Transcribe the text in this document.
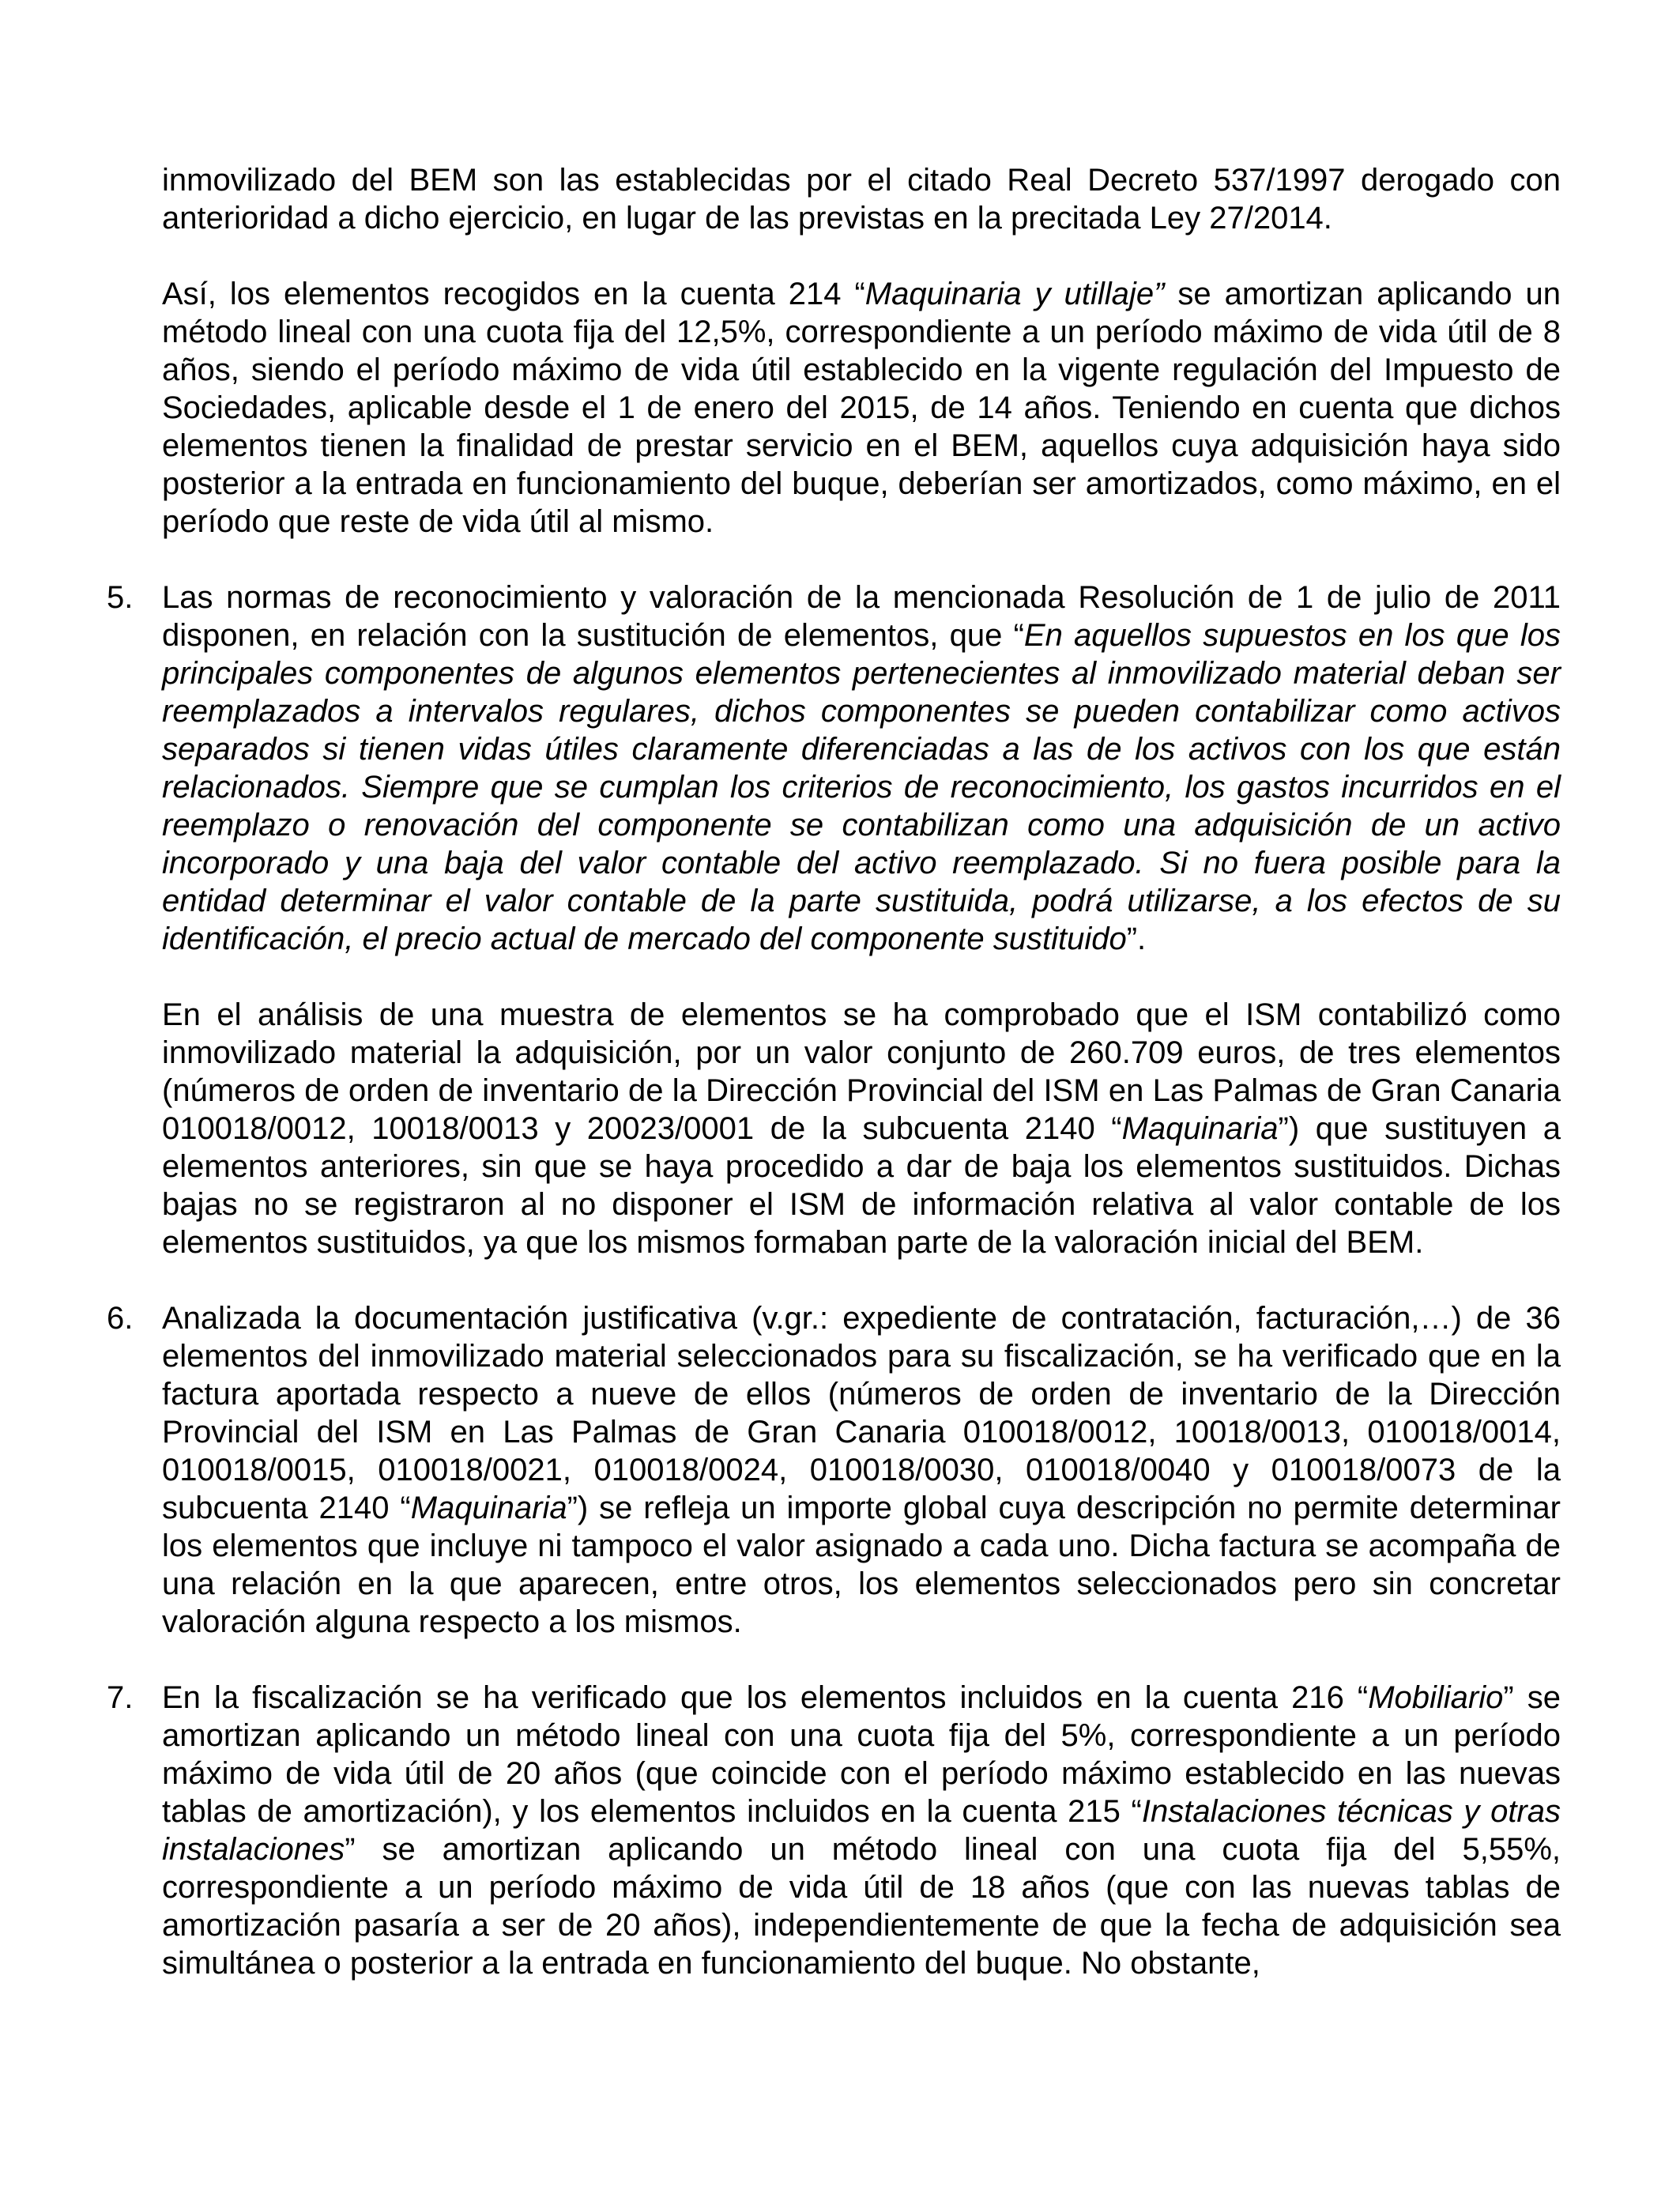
inmovilizado del BEM son las establecidas por el citado Real Decreto 537/1997 derogado con anterioridad a dicho ejercicio, en lugar de las previstas en la precitada Ley 27/2014.

Así, los elementos recogidos en la cuenta 214 “Maquinaria y utillaje” se amortizan aplicando un método lineal con una cuota fija del 12,5%, correspondiente a un período máximo de vida útil de 8 años, siendo el período máximo de vida útil establecido en la vigente regulación del Impuesto de Sociedades, aplicable desde el 1 de enero del 2015, de 14 años. Teniendo en cuenta que dichos elementos tienen la finalidad de prestar servicio en el BEM, aquellos cuya adquisición haya sido posterior a la entrada en funcionamiento del buque, deberían ser amortizados, como máximo, en el período que reste de vida útil al mismo.

5. Las normas de reconocimiento y valoración de la mencionada Resolución de 1 de julio de 2011 disponen, en relación con la sustitución de elementos, que “En aquellos supuestos en los que los principales componentes de algunos elementos pertenecientes al inmovilizado material deban ser reemplazados a intervalos regulares, dichos componentes se pueden contabilizar como activos separados si tienen vidas útiles claramente diferenciadas a las de los activos con los que están relacionados. Siempre que se cumplan los criterios de reconocimiento, los gastos incurridos en el reemplazo o renovación del componente se contabilizan como una adquisición de un activo incorporado y una baja del valor contable del activo reemplazado. Si no fuera posible para la entidad determinar el valor contable de la parte sustituida, podrá utilizarse, a los efectos de su identificación, el precio actual de mercado del componente sustituido”.

En el análisis de una muestra de elementos se ha comprobado que el ISM contabilizó como inmovilizado material la adquisición, por un valor conjunto de 260.709 euros, de tres elementos (números de orden de inventario de la Dirección Provincial del ISM en Las Palmas de Gran Canaria 010018/0012, 10018/0013 y 20023/0001 de la subcuenta 2140 “Maquinaria”) que sustituyen a elementos anteriores, sin que se haya procedido a dar de baja los elementos sustituidos. Dichas bajas no se registraron al no disponer el ISM de información relativa al valor contable de los elementos sustituidos, ya que los mismos formaban parte de la valoración inicial del BEM.

6. Analizada la documentación justificativa (v.gr.: expediente de contratación, facturación,…) de 36 elementos del inmovilizado material seleccionados para su fiscalización, se ha verificado que en la factura aportada respecto a nueve de ellos (números de orden de inventario de la Dirección Provincial del ISM en Las Palmas de Gran Canaria 010018/0012, 10018/0013, 010018/0014, 010018/0015, 010018/0021, 010018/0024, 010018/0030, 010018/0040 y 010018/0073 de la subcuenta 2140 “Maquinaria”) se refleja un importe global cuya descripción no permite determinar los elementos que incluye ni tampoco el valor asignado a cada uno. Dicha factura se acompaña de una relación en la que aparecen, entre otros, los elementos seleccionados pero sin concretar valoración alguna respecto a los mismos.

7. En la fiscalización se ha verificado que los elementos incluidos en la cuenta 216 “Mobiliario” se amortizan aplicando un método lineal con una cuota fija del 5%, correspondiente a un período máximo de vida útil de 20 años (que coincide con el período máximo establecido en las nuevas tablas de amortización), y los elementos incluidos en la cuenta 215 “Instalaciones técnicas y otras instalaciones” se amortizan aplicando un método lineal con una cuota fija del 5,55%, correspondiente a un período máximo de vida útil de 18 años (que con las nuevas tablas de amortización pasaría a ser de 20 años), independientemente de que la fecha de adquisición sea simultánea o posterior a la entrada en funcionamiento del buque. No obstante,
